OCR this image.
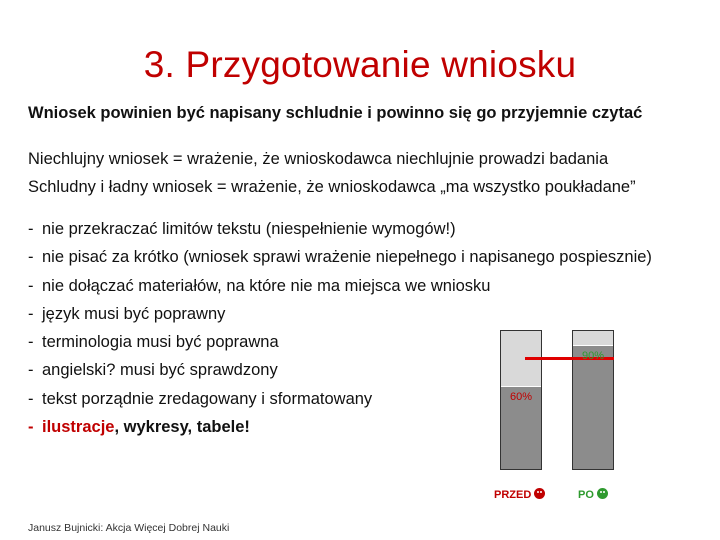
3. Przygotowanie wniosku
Wniosek powinien być napisany schludnie i powinno się go przyjemnie czytać
Niechlujny wniosek = wrażenie, że wnioskodawca niechlujnie prowadzi badania
Schludny i ładny wniosek = wrażenie, że wnioskodawca „ma wszystko poukładane”
- nie przekraczać limitów tekstu (niespełnienie wymogów!)
- nie pisać za krótko (wniosek sprawi wrażenie niepełnego i napisanego pospiesznie)
- nie dołączać materiałów, na które nie ma miejsca we wniosku
- język musi być poprawny
- terminologia musi być poprawna
- angielski? musi być sprawdzony
- tekst porządnie zredagowany i sformatowany
- ilustracje, wykresy, tabele!
60%
90%
PRZED	PO
Janusz Bujnicki: Akcja Więcej Dobrej Nauki
